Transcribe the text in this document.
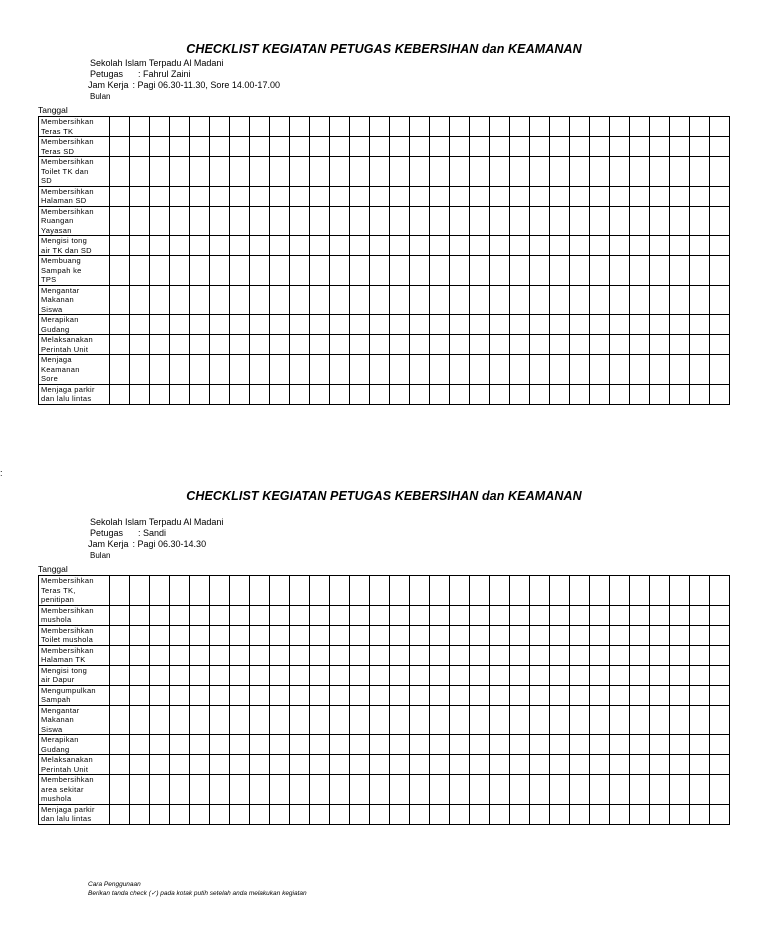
CHECKLIST KEGIATAN PETUGAS KEBERSIHAN dan KEAMANAN
Sekolah Islam Terpadu Al Madani
Petugas	: Fahrul Zaini
Jam Kerja : Pagi 06.30-11.30, Sore 14.00-17.00
Bulan
Tanggal
Membersihkan
Teras TK																															

Membersihkan
Teras SD																															

Membersihkan
Toilet TK dan
SD																															

Membersihkan
Halaman SD																															

Membersihkan
Ruangan
Yayasan																															

Mengisi tong
air TK dan SD																															

Membuang
Sampah ke
TPS																															

Mengantar
Makanan
Siswa																															

Merapikan
Gudang																															

Melaksanakan
Perintah Unit																															

Menjaga
Keamanan
Sore																															

Menjaga parkir
dan lalu lintas																															

:
CHECKLIST KEGIATAN PETUGAS KEBERSIHAN dan KEAMANAN
Sekolah Islam Terpadu Al Madani
Petugas	: Sandi
Jam Kerja : Pagi 06.30-14.30
Bulan
Tanggal
Membersihkan
Teras TK,
penitipan																															

Membersihkan
mushola																															

Membersihkan
Toilet mushola																															

Membersihkan
Halaman TK																															

Mengisi tong
air Dapur																															

Mengumpulkan
Sampah																															

Mengantar
Makanan
Siswa																															

Merapikan
Gudang																															

Melaksanakan
Perintah Unit																															

Membersihkan
area sekitar
mushola																															

Menjaga parkir
dan lalu lintas																															

Cara Penggunaan
Berikan tanda check (✓) pada kotak putih setelah anda melakukan kegiatan
